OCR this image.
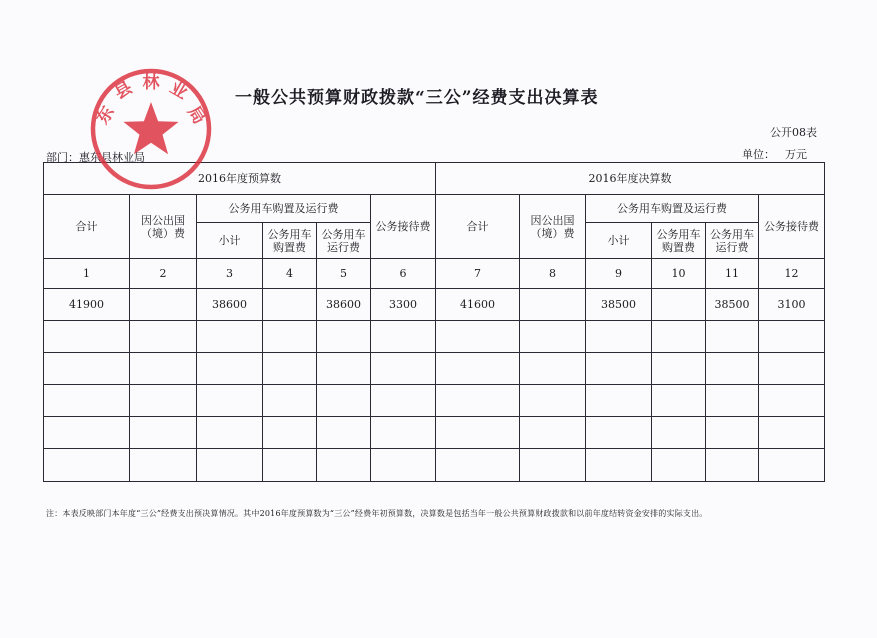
一般公共预算财政拨款“三公”经费支出决算表
公开08表
部门：惠东县林业局	单位： 万元
2016年度预算数						2016年度决算数					
合计	因公出国（境）费	公务用车购置及运行费			公务接待费	合计	因公出国（境）费	公务用车购置及运行费			公务接待费
		小计	公务用车购置费	公务用车运行费				小计	公务用车购置费	公务用车运行费	
1	2	3	4	5	6	7	8	9	10	11	12
41900		38600		38600	3300	41600		38500		38500	3100

东
县 林 业
局
注：本表反映部门本年度“三公”经费支出预决算情况。其中2016年度预算数为“三公”经费年初预算数，决算数是包括当年一般公共预算财政拨款和以前年度结转资金安排的实际支出。
